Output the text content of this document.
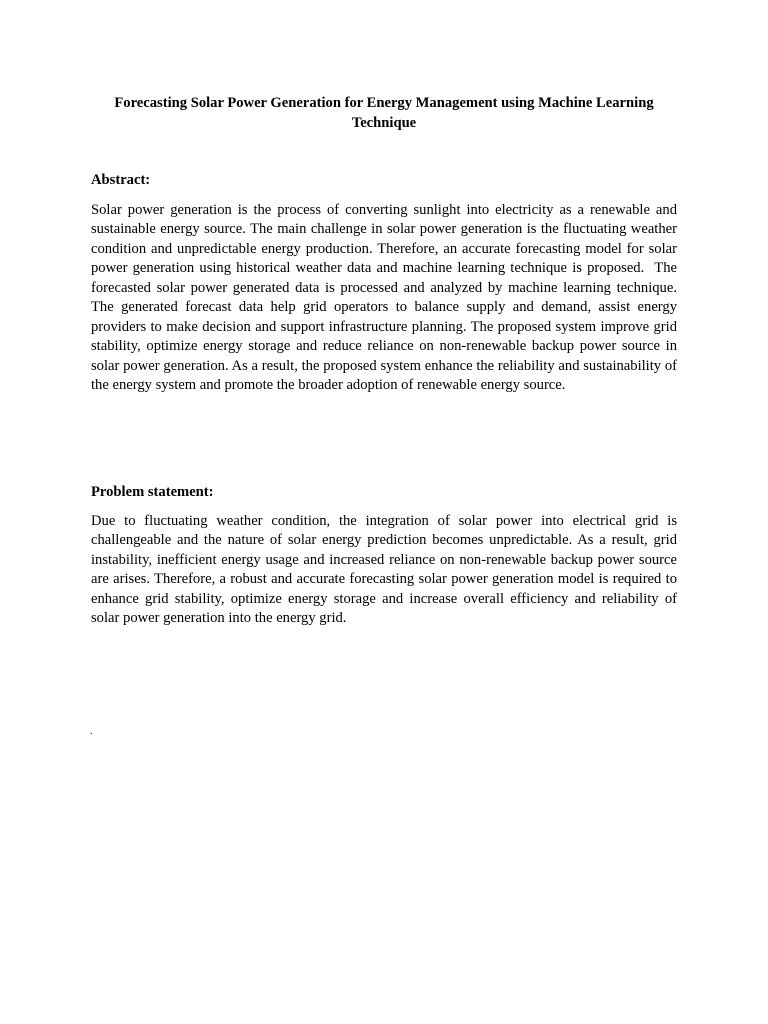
Forecasting Solar Power Generation for Energy Management using Machine Learning Technique
Abstract:

Solar power generation is the process of converting sunlight into electricity as a renewable and sustainable energy source. The main challenge in solar power generation is the fluctuating weather condition and unpredictable energy production. Therefore, an accurate forecasting model for solar power generation using historical weather data and machine learning technique is proposed.  The forecasted solar power generated data is processed and analyzed by machine learning technique. The generated forecast data help grid operators to balance supply and demand, assist energy providers to make decision and support infrastructure planning. The proposed system improve grid stability, optimize energy storage and reduce reliance on non-renewable backup power source in solar power generation. As a result, the proposed system enhance the reliability and sustainability of the energy system and promote the broader adoption of renewable energy source.

Problem statement:

Due to fluctuating weather condition, the integration of solar power into electrical grid is challengeable and the nature of solar energy prediction becomes unpredictable. As a result, grid instability, inefficient energy usage and increased reliance on non-renewable backup power source are arises. Therefore, a robust and accurate forecasting solar power generation model is required to enhance grid stability, optimize energy storage and increase overall efficiency and reliability of solar power generation into the energy grid.

.
